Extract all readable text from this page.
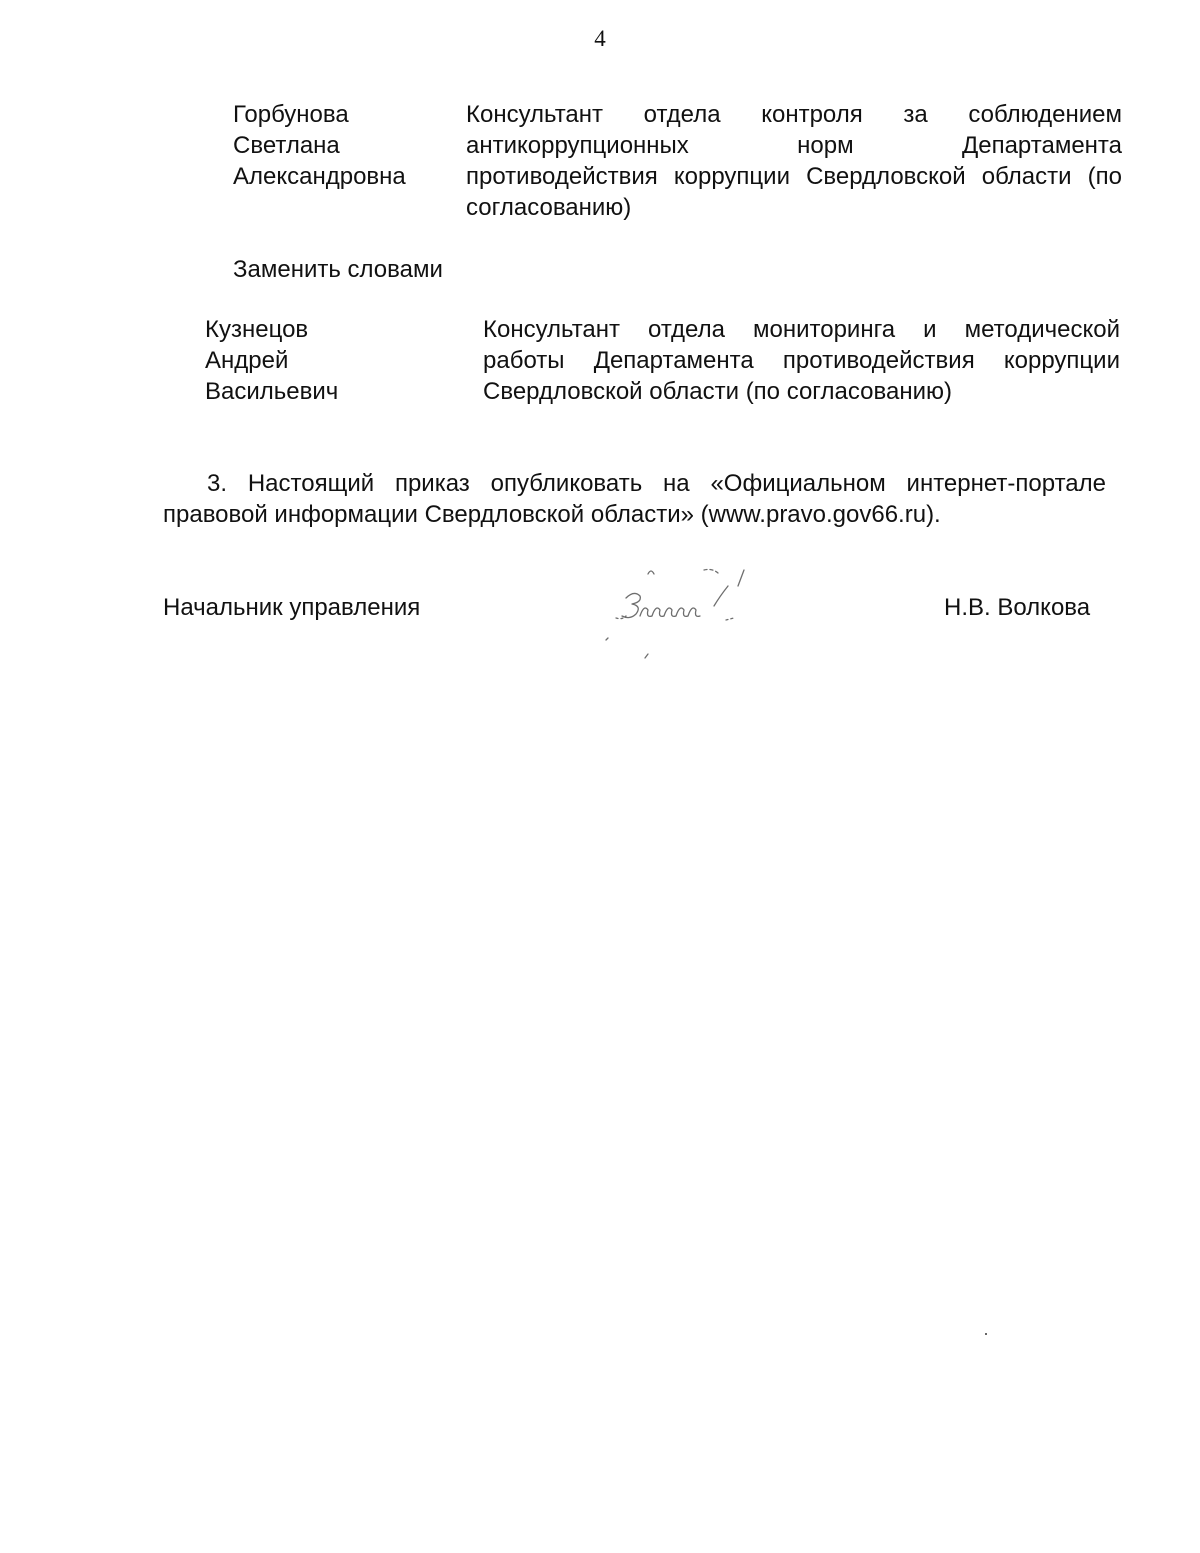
4
Горбунова
Светлана
Александровна
Консультант отдела контроля за соблюдением
антикоррупционных норм Департамента
противодействия коррупции Свердловской области (по
согласованию)
Заменить словами
Кузнецов
Андрей
Васильевич
Консультант отдела мониторинга и методической
работы Департамента противодействия коррупции
Свердловской области (по согласованию)
3. Настоящий приказ опубликовать на «Официальном интернет-портале
правовой информации Свердловской области» (www.pravo.gov66.ru).
Начальник управления	Н.В. Волкова
